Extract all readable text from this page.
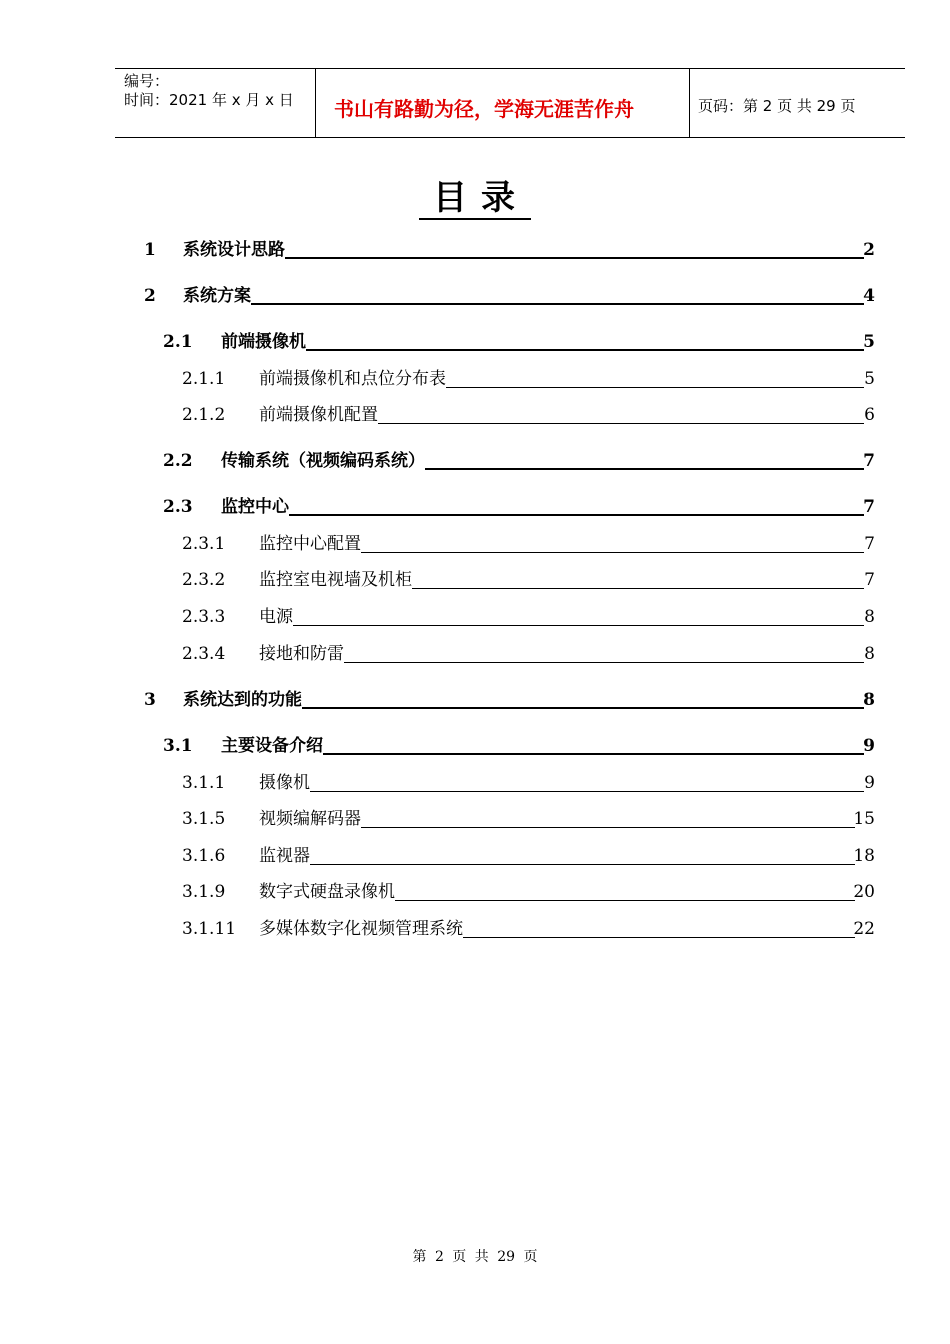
编号：
时间：2021 年 x 月 x 日 书山有路勤为径，学海无涯苦作舟	页码：第 2 页 共 29 页
目录
1 系统设计思路	2
2 系统方案	4
2.1 前端摄像机	5
2.1.1 前端摄像机和点位分布表	5
2.1.2 前端摄像机配置	6
2.2 传输系统（视频编码系统）	7
2.3 监控中心	7
2.3.1 监控中心配置	7
2.3.2 监控室电视墙及机柜	7
2.3.3 电源	8
2.3.4 接地和防雷	8
3 系统达到的功能	8
3.1 主要设备介绍	9
3.1.1 摄像机	9
3.1.5 视频编解码器	15
3.1.6 监视器	18
3.1.9 数字式硬盘录像机	20
3.1.11 多媒体数字化视频管理系统	22
第 2 页 共 29 页
